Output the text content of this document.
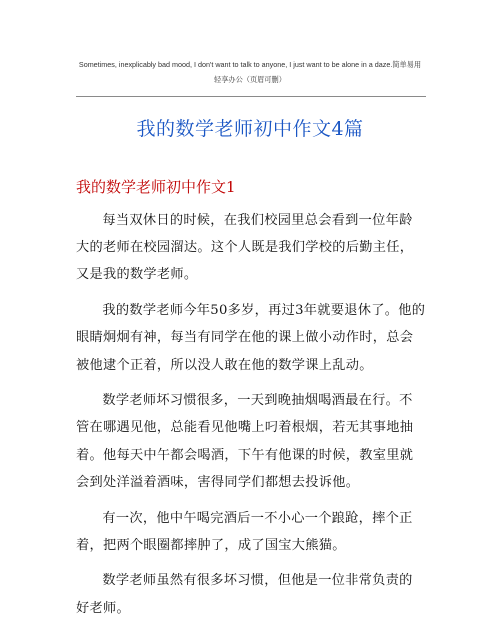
Sometimes, inexplicably bad mood, I don't want to talk to anyone, I just want to be alone in a daze.简单易用
轻享办公（页眉可删）
我的数学老师初中作文4篇
我的数学老师初中作文1

每当双休日的时候，在我们校园里总会看到一位年龄大的老师在校园溜达。这个人既是我们学校的后勤主任，又是我的数学老师。

我的数学老师今年50多岁，再过3年就要退休了。他的眼睛炯炯有神，每当有同学在他的课上做小动作时，总会被他逮个正着，所以没人敢在他的数学课上乱动。

数学老师坏习惯很多，一天到晚抽烟喝酒最在行。不管在哪遇见他，总能看见他嘴上叼着根烟，若无其事地抽着。他每天中午都会喝酒，下午有他课的时候，教室里就会到处洋溢着酒味，害得同学们都想去投诉他。

有一次，他中午喝完酒后一不小心一个踉跄，摔个正着，把两个眼圈都摔肿了，成了国宝大熊猫。

数学老师虽然有很多坏习惯，但他是一位非常负责的好老师。
